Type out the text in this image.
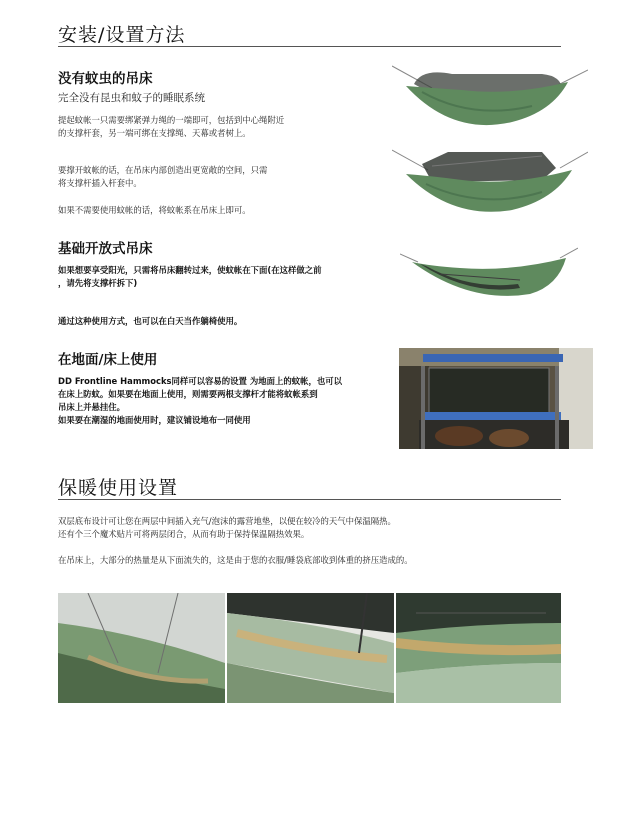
安装/设置方法
没有蚊虫的吊床
完全没有昆虫和蚊子的睡眠系统
提起蚊帐一只需要绑紧弹力绳的一端即可，包括到中心绳附近
的支撑杆套，另一端可绑在支撑绳、天幕或者树上。
要撑开蚊帐的话，在吊床内部创造出更宽敞的空间，只需
将支撑杆插入杆套中。
如果不需要使用蚊帐的话，将蚊帐系在吊床上即可。
基础开放式吊床
如果想要享受阳光，只需将吊床翻转过来，使蚊帐在下面(在这样做之前
，请先将支撑杆拆下)
通过这种使用方式，也可以在白天当作躺椅使用。
在地面/床上使用
DD Frontline Hammocks同样可以容易的设置 为地面上的蚊帐，也可以
在床上防蚊。如果要在地面上使用，则需要两根支撑杆才能将蚊帐系到
吊床上并悬挂住。
如果要在潮湿的地面使用时，建议铺设地布一同使用
保暖使用设置
双层底布设计可让您在两层中间插入充气/泡沫的露营地垫，以便在较冷的天气中保温隔热。
还有个三个魔术贴片可将两层闭合，从而有助于保持保温隔热效果。
在吊床上，大部分的热量是从下面流失的，这是由于您的衣服/睡袋底部收到体重的挤压造成的。
